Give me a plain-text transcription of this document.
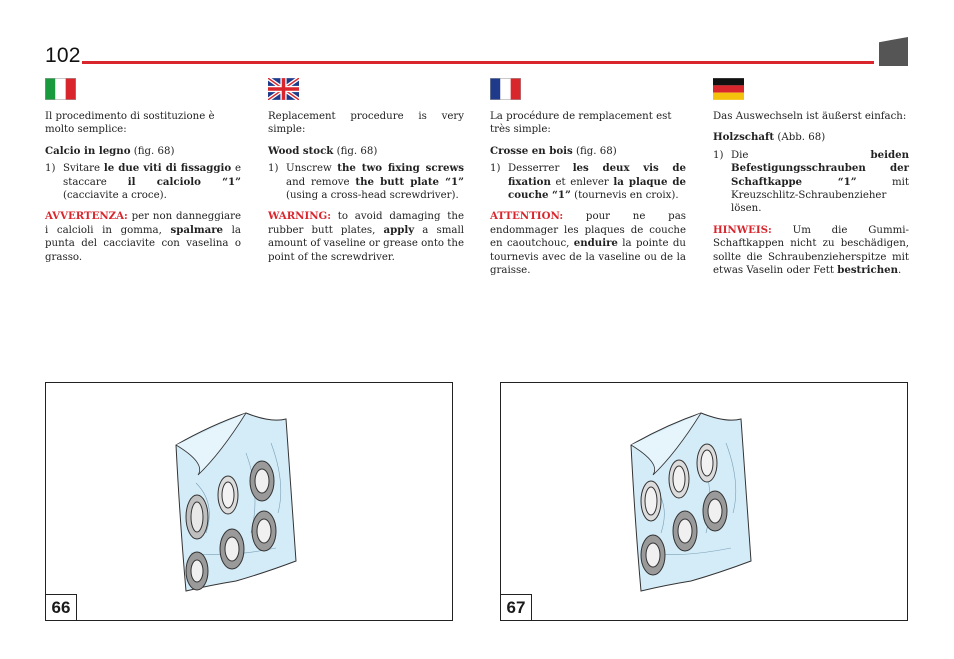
102

Il procedimento di sostituzione è molto semplice:

Calcio in legno (fig. 68)

1) Svitare le due viti di fissaggio e staccare il calciolo “1” (cacciavite a croce).

AVVERTENZA: per non danneggiare i calcioli in gomma, spalmare la punta del cacciavite con vaselina o grasso.

Replacement procedure is very simple:

Wood stock (fig. 68)

1) Unscrew the two fixing screws and remove the butt plate “1” (using a cross-head screwdriver).

WARNING: to avoid damaging the rubber butt plates, apply a small amount of vaseline or grease onto the point of the screwdriver.

La procédure de remplacement est très simple:

Crosse en bois (fig. 68)

1) Desserrer les deux vis de fixation et enlever la plaque de couche “1” (tournevis en croix).

ATTENTION: pour ne pas endommager les plaques de couche en caoutchouc, enduire la pointe du tournevis avec de la vaseline ou de la graisse.

Das Auswechseln ist äußerst einfach:

Holzschaft (Abb. 68)

1) Die beiden Befestigungsschrauben der Schaftkappe “1” mit Kreuzschlitz-Schraubenzieher lösen.

HINWEIS: Um die Gummi-Schaftkappen nicht zu beschädigen, sollte die Schraubenzieherspitze mit etwas Vaselin oder Fett bestrichen.

66	67
